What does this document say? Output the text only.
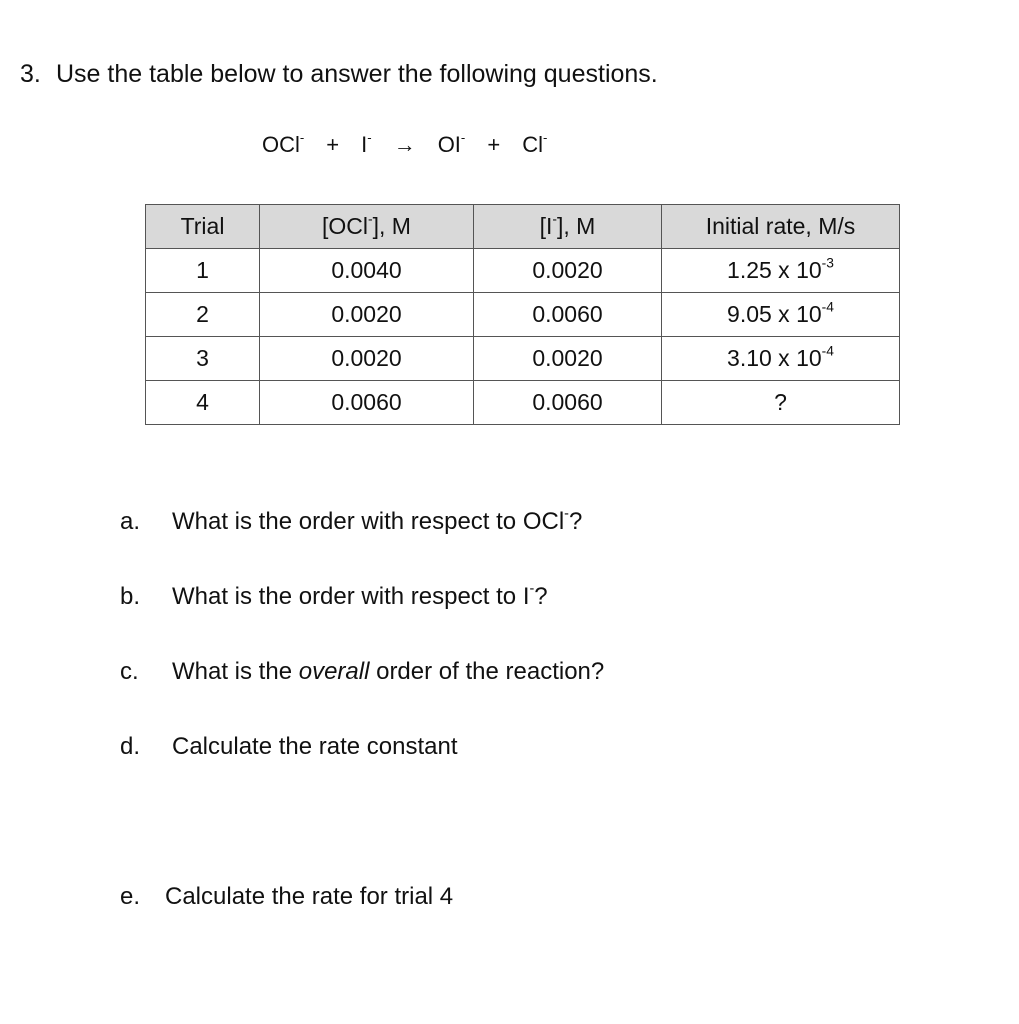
3. Use the table below to answer the following questions.
OCl- + I- → OI- + Cl-
Trial	[OCl-], M	[I-], M	Initial rate, M/s
1	0.0040	0.0020	1.25 x $10^{-3}$
2	0.0020	0.0060	9.05 x $10^{-4}$
3	0.0020	0.0020	3.10 x $10^{-4}$
4	0.0060	0.0060	?
a. What is the order with respect to OCl-?
b. What is the order with respect to I-?
c. What is the overall order of the reaction?
d. Calculate the rate constant
e. Calculate the rate for trial 4
